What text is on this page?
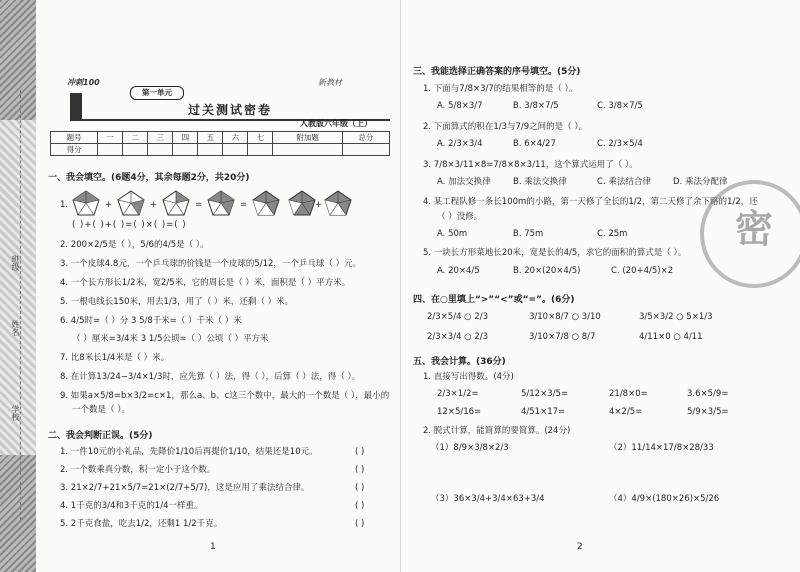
班级
姓名
学校
冲刺100	新教材
第一单元
过关测试密卷
人教版六年级（上）
题号	一	二	三	四	五	六	七	附加题	总分
得分									
一、我会填空。(6题4分，其余每题2分，共20分)
1.	+	+	=	=	+
( )+( )+( )=( )×( )=( )
2. 200×2/5是（ ），5/6的4/5是（ ）。
3. 一个皮球4.8元，一个乒乓球的价钱是一个皮球的5/12，一个乒乓球（ ）元。
4. 一个长方形长1/2米，宽2/5米，它的周长是（ ）米，面积是（ ）平方米。
5. 一根电线长150米，用去1/3，用了（ ）米，还剩（ ）米。
6. 4/5时=（ ）分 3 5/8千米=（ ）千米（ ）米
（ ）厘米=3/4米 3 1/5公顷=（ ）公顷（ ）平方米
7. 比8米长1/4米是（ ）米。
8. 在计算13/24−3/4×1/3时，应先算（ ）法，得（ ），后算（ ）法，得（ ）。
9. 如果a×5/8=b×3/2=c×1，那么a、b、c这三个数中，最大的一个数是（ ），最小的
一个数是（ ）。
二、我会判断正误。(5分)
1. 一件10元的小礼品，先降价1/10后再提价1/10，结果还是10元。	( )
2. 一个数乘真分数，积一定小于这个数。	( )
3. 21×2/7+21×5/7=21×(2/7+5/7)，这是应用了乘法结合律。	( )
4. 1千克的3/4和3千克的1/4一样重。	( )
5. 2千克食盐，吃去1/2，还剩1 1/2千克。	( )
1
三、我能选择正确答案的序号填空。(5分)
1. 下面与7/8×3/7的结果相等的是（ ）。
A. 5/8×3/7	B. 3/8×7/5	C. 3/8×7/5
2. 下面算式的积在1/3与7/9之间的是（ ）。
A. 2/3×3/4	B. 6×4/27	C. 2/3×5/4
3. 7/8×3/11×8=7/8×8×3/11，这个算式运用了（ ）。
A. 加法交换律	B. 乘法交换律	C. 乘法结合律	D. 乘法分配律
4. 某工程队修一条长100m的小路，第一天修了全长的1/2，第二天修了余下路的1/2，还
（ ）没修。
A. 50m	B. 75m	C. 25m
5. 一块长方形菜地长20米，宽是长的4/5，求它的面积的算式是（ ）。
A. 20×4/5	B. 20×(20×4/5)	C. (20+4/5)×2
四、在○里填上“>”“<”或“=”。(6分)
2/3×5/4 ○ 2/3	3/10×8/7 ○ 3/10	3/5×3/2 ○ 5×1/3
2/3×3/4 ○ 2/3	3/10×7/8 ○ 8/7	4/11×0 ○ 4/11
五、我会计算。(36分)
1. 直接写出得数。(4分)
2/3×1/2=	5/12×3/5=	21/8×0=	3.6×5/9=
12×5/16=	4/51×17=	4×2/5=	5/9×3/5=
2. 脱式计算，能简算的要简算。(24分)
（1）8/9×3/8×2/3	（2）11/14×17/8×28/33
（3）36×3/4+3/4×63+3/4	（4）4/9×(180×26)×5/26
2
密
